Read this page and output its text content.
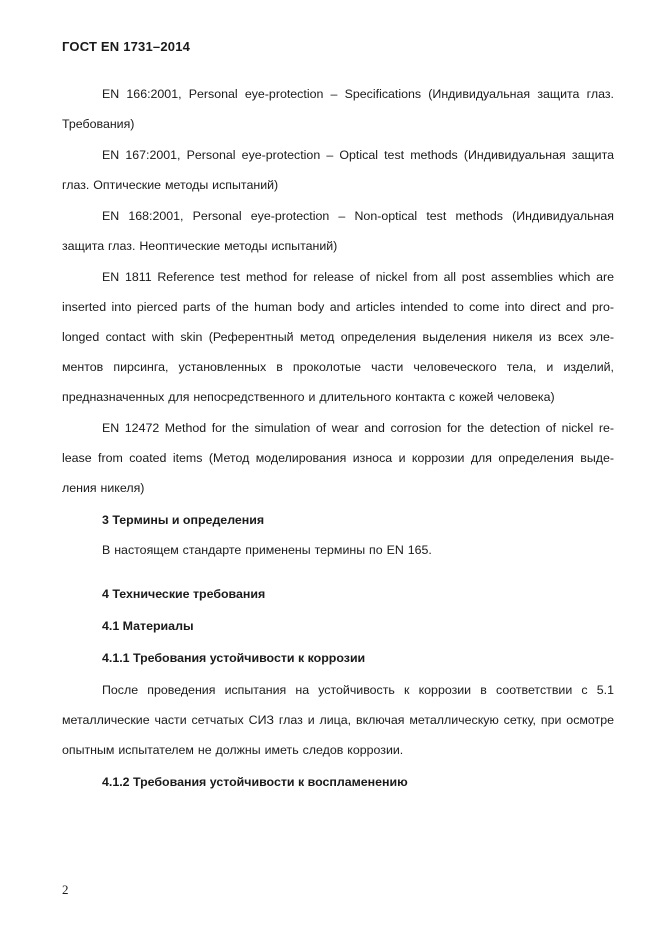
ГОСТ EN 1731–2014

EN 166:2001, Personal eye-protection – Specifications (Индивидуальная защита глаз. Требования)

EN 167:2001, Personal eye-protection – Optical test methods (Индивидуальная защита глаз. Оптические методы испытаний)

EN 168:2001, Personal eye-protection – Non-optical test methods (Индивидуальная защита глаз. Неоптические методы испытаний)

EN 1811 Reference test method for release of nickel from all post assemblies which are inserted into pierced parts of the human body and articles intended to come into direct and prolonged contact with skin (Референтный метод определения выделения никеля из всех элементов пирсинга, установленных в проколотые части человеческого тела, и изделий, предназначенных для непосредственного и длительного контакта с кожей человека)

EN 12472 Method for the simulation of wear and corrosion for the detection of nickel release from coated items (Метод моделирования износа и коррозии для определения выделения никеля)

3 Термины и определения

В настоящем стандарте применены термины по EN 165.

4 Технические требования

4.1 Материалы

4.1.1 Требования устойчивости к коррозии

После проведения испытания на устойчивость к коррозии в соответствии с 5.1 металлические части сетчатых СИЗ глаз и лица, включая металлическую сетку, при осмотре опытным испытателем не должны иметь следов коррозии.

4.1.2 Требования устойчивости к воспламенению

2
